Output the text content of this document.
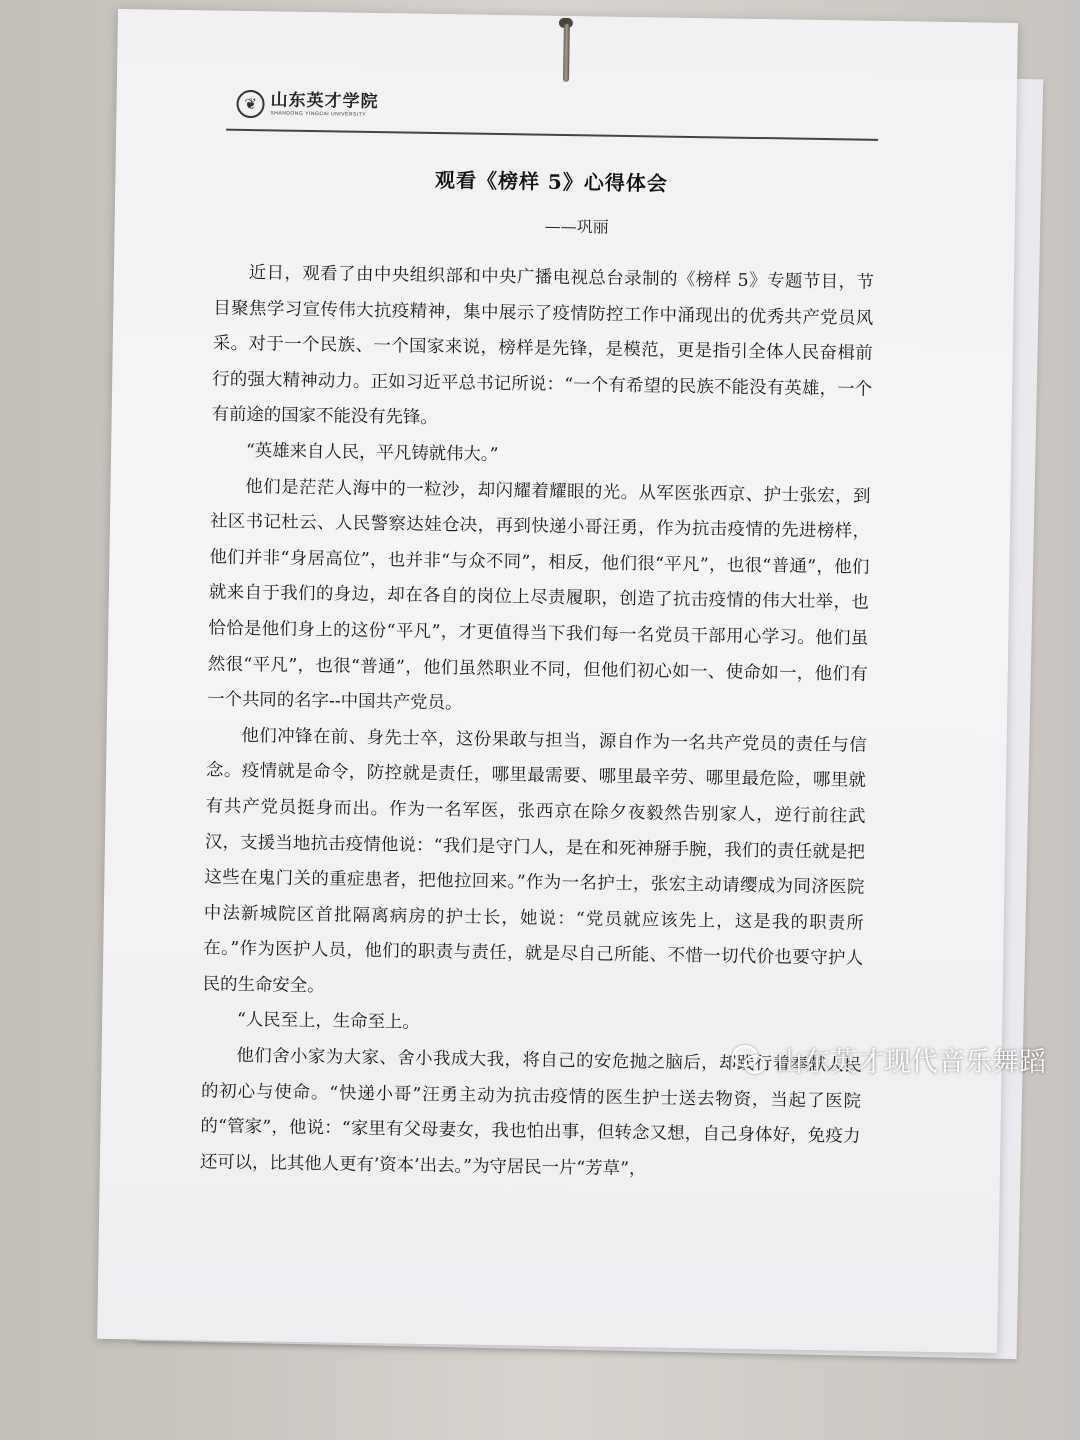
❦ 山东英才学院
SHANDONG YINGCAI UNIVERSITY
观看《榜样 5》心得体会
——巩丽

近日，观看了由中央组织部和中央广播电视总台录制的《榜样 5》专题节目，节目聚焦学习宣传伟大抗疫精神，集中展示了疫情防控工作中涌现出的优秀共产党员风采。对于一个民族、一个国家来说，榜样是先锋，是模范，更是指引全体人民奋楫前行的强大精神动力。正如习近平总书记所说：“一个有希望的民族不能没有英雄，一个有前途的国家不能没有先锋。

“英雄来自人民，平凡铸就伟大。”

他们是茫茫人海中的一粒沙，却闪耀着耀眼的光。从军医张西京、护士张宏，到社区书记杜云、人民警察达娃仓决，再到快递小哥汪勇，作为抗击疫情的先进榜样，他们并非“身居高位”，也并非“与众不同”，相反，他们很“平凡”，也很“普通”，他们就来自于我们的身边，却在各自的岗位上尽责履职，创造了抗击疫情的伟大壮举，也恰恰是他们身上的这份“平凡”，才更值得当下我们每一名党员干部用心学习。他们虽然很“平凡”，也很“普通”，他们虽然职业不同，但他们初心如一、使命如一，他们有一个共同的名字--中国共产党员。

他们冲锋在前、身先士卒，这份果敢与担当，源自作为一名共产党员的责任与信念。疫情就是命令，防控就是责任，哪里最需要、哪里最辛劳、哪里最危险，哪里就有共产党员挺身而出。作为一名军医，张西京在除夕夜毅然告别家人，逆行前往武汉，支援当地抗击疫情他说：“我们是守门人，是在和死神掰手腕，我们的责任就是把这些在鬼门关的重症患者，把他拉回来。”作为一名护士，张宏主动请缨成为同济医院中法新城院区首批隔离病房的护士长，她说：“党员就应该先上，这是我的职责所在。”作为医护人员，他们的职责与责任，就是尽自己所能、不惜一切代价也要守护人民的生命安全。

“人民至上，生命至上。

他们舍小家为大家、舍小我成大我，将自己的安危抛之脑后，却践行着奉献人民的初心与使命。“快递小哥”汪勇主动为抗击疫情的医生护士送去物资，当起了医院的“管家”，他说：“家里有父母妻女，我也怕出事，但转念又想，自己身体好，免疫力还可以，比其他人更有’资本’出去。”为守居民一片“芳草”，

山东英才现代音乐舞蹈
